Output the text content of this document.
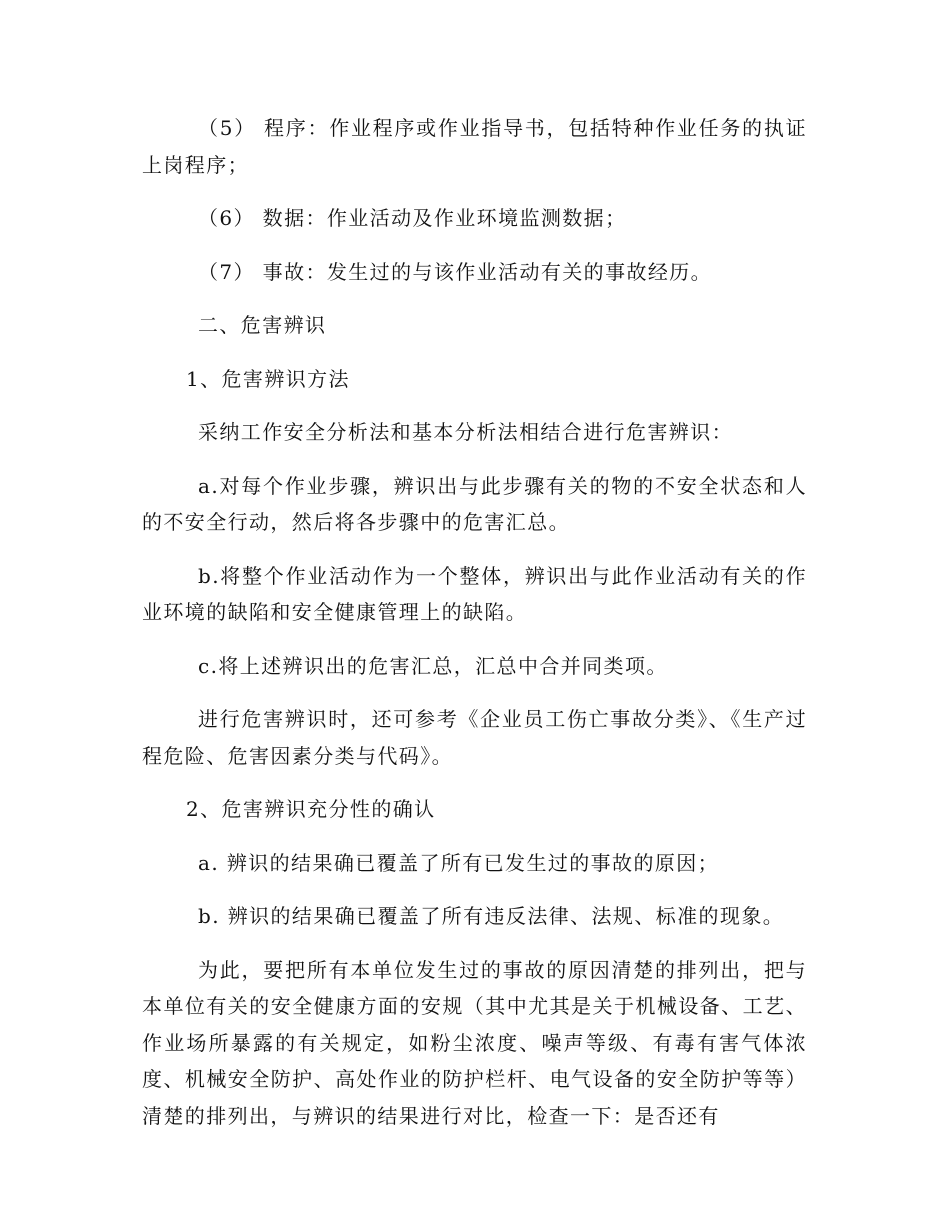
（5） 程序：作业程序或作业指导书，包括特种作业任务的执证上岗程序；

（6） 数据：作业活动及作业环境监测数据；

（7） 事故：发生过的与该作业活动有关的事故经历。

二、危害辨识

1、危害辨识方法

采纳工作安全分析法和基本分析法相结合进行危害辨识：

a.对每个作业步骤，辨识出与此步骤有关的物的不安全状态和人的不安全行动，然后将各步骤中的危害汇总。

b.将整个作业活动作为一个整体，辨识出与此作业活动有关的作业环境的缺陷和安全健康管理上的缺陷。

c.将上述辨识出的危害汇总，汇总中合并同类项。

进行危害辨识时，还可参考《企业员工伤亡事故分类》、《生产过程危险、危害因素分类与代码》。

2、危害辨识充分性的确认

a. 辨识的结果确已覆盖了所有已发生过的事故的原因；

b. 辨识的结果确已覆盖了所有违反法律、法规、标准的现象。

为此，要把所有本单位发生过的事故的原因清楚的排列出，把与本单位有关的安全健康方面的安规（其中尤其是关于机械设备、工艺、作业场所暴露的有关规定，如粉尘浓度、噪声等级、有毒有害气体浓度、机械安全防护、高处作业的防护栏杆、电气设备的安全防护等等）清楚的排列出，与辨识的结果进行对比，检查一下：是否还有
